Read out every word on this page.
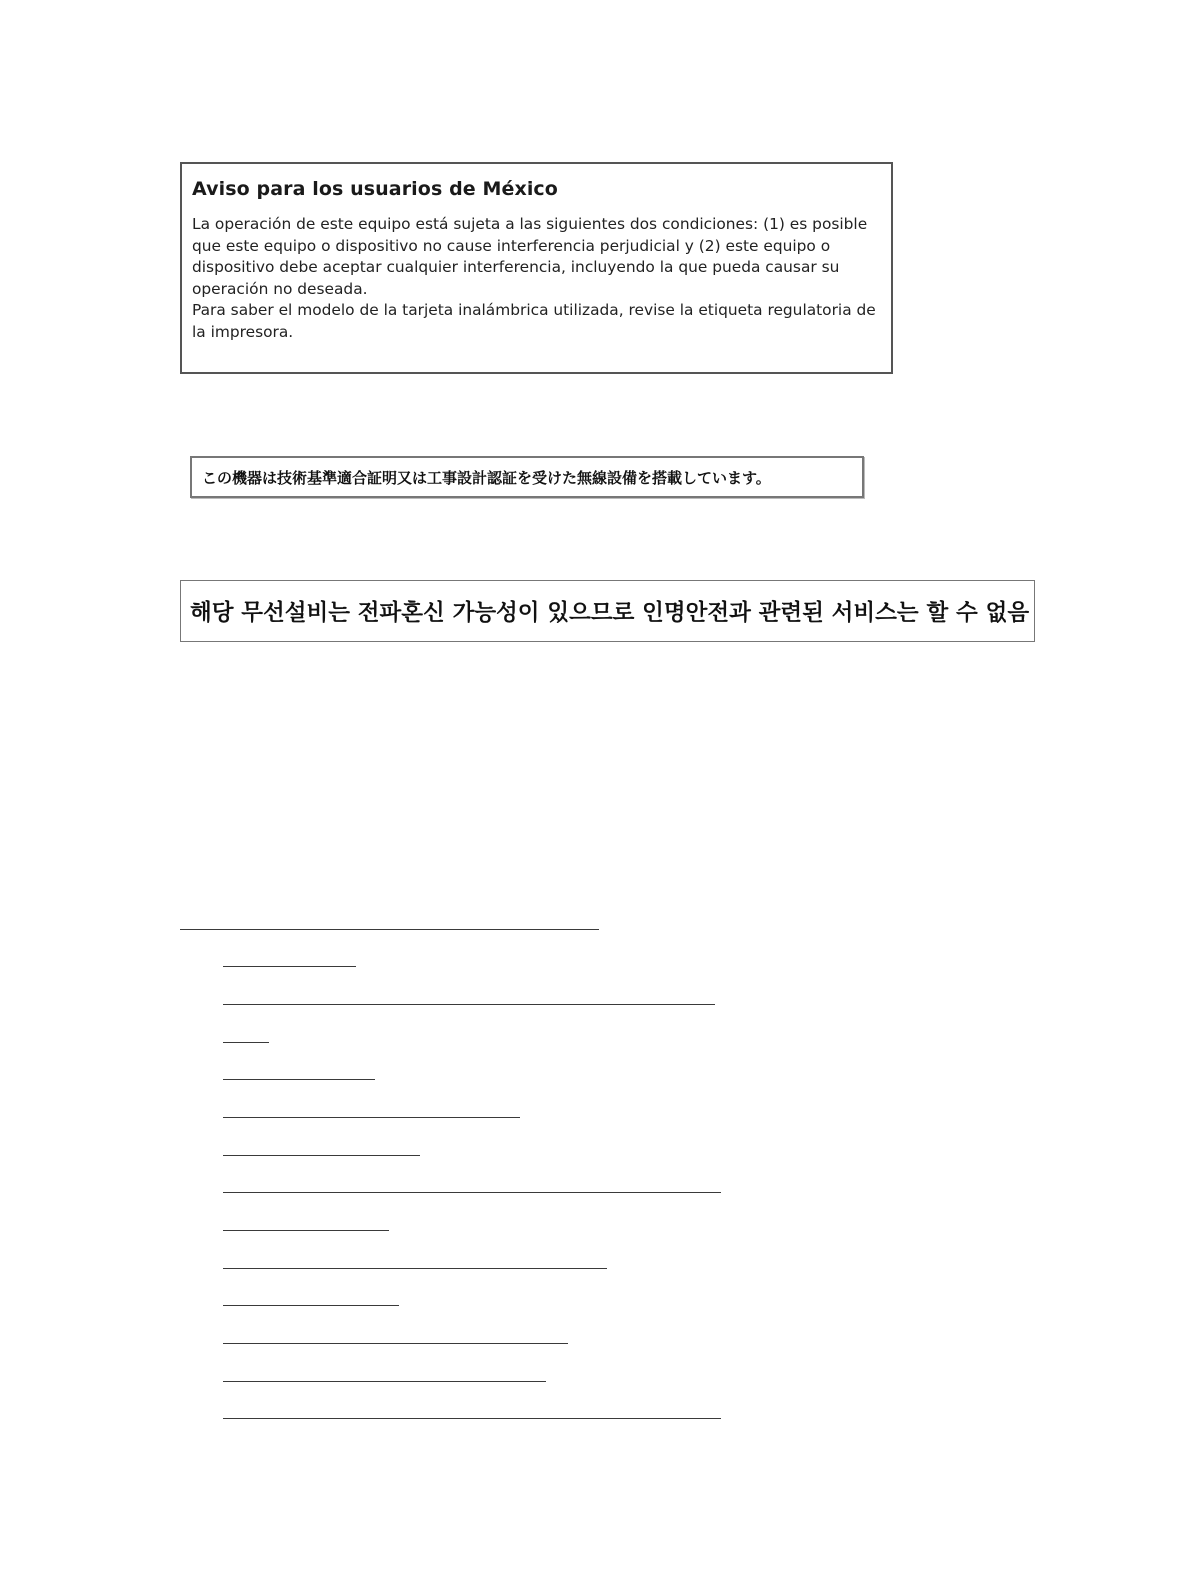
Aviso para los usuarios de México

La operación de este equipo está sujeta a las siguientes dos condiciones: (1) es posible

que este equipo o dispositivo no cause interferencia perjudicial y (2) este equipo o

dispositivo debe aceptar cualquier interferencia, incluyendo la que pueda causar su

operación no deseada.

Para saber el modelo de la tarjeta inalámbrica utilizada, revise la etiqueta regulatoria de

la impresora.

この機器は技術基準適合証明又は工事設計認証を受けた無線設備を搭載しています。
해당 무선설비는 전파혼신 가능성이 있으므로 인명안전과 관련된 서비스는 할 수 없음
